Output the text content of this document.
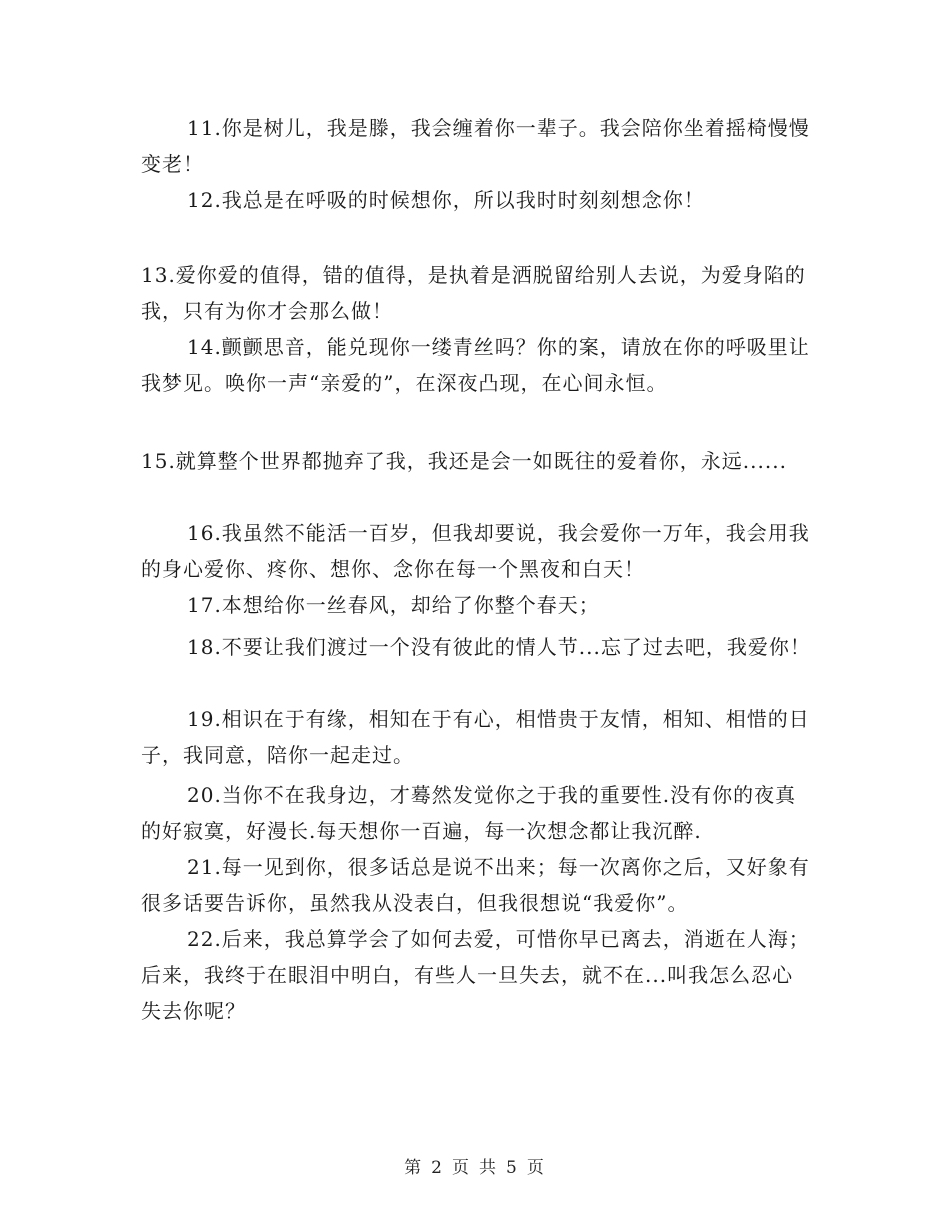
11.你是树儿，我是滕，我会缠着你一辈子。我会陪你坐着摇椅慢慢变老！

12.我总是在呼吸的时候想你，所以我时时刻刻想念你！

13.爱你爱的值得，错的值得，是执着是洒脱留给别人去说，为爱身陷的我，只有为你才会那么做！

14.颤颤思音，能兑现你一缕青丝吗？你的案，请放在你的呼吸里让我梦见。唤你一声“亲爱的”，在深夜凸现，在心间永恒。

15.就算整个世界都抛弃了我，我还是会一如既往的爱着你，永远......

16.我虽然不能活一百岁，但我却要说，我会爱你一万年，我会用我的身心爱你、疼你、想你、念你在每一个黑夜和白天！

17.本想给你一丝春风，却给了你整个春天；

18.不要让我们渡过一个没有彼此的情人节...忘了过去吧，我爱你！

19.相识在于有缘，相知在于有心，相惜贵于友情，相知、相惜的日子，我同意，陪你一起走过。

20.当你不在我身边，才蓦然发觉你之于我的重要性.没有你的夜真的好寂寞，好漫长.每天想你一百遍，每一次想念都让我沉醉.

21.每一见到你，很多话总是说不出来；每一次离你之后，又好象有很多话要告诉你，虽然我从没表白，但我很想说“我爱你”。

22.后来，我总算学会了如何去爱，可惜你早已离去，消逝在人海；后来，我终于在眼泪中明白，有些人一旦失去，就不在...叫我怎么忍心失去你呢？

第 2 页 共 5 页
